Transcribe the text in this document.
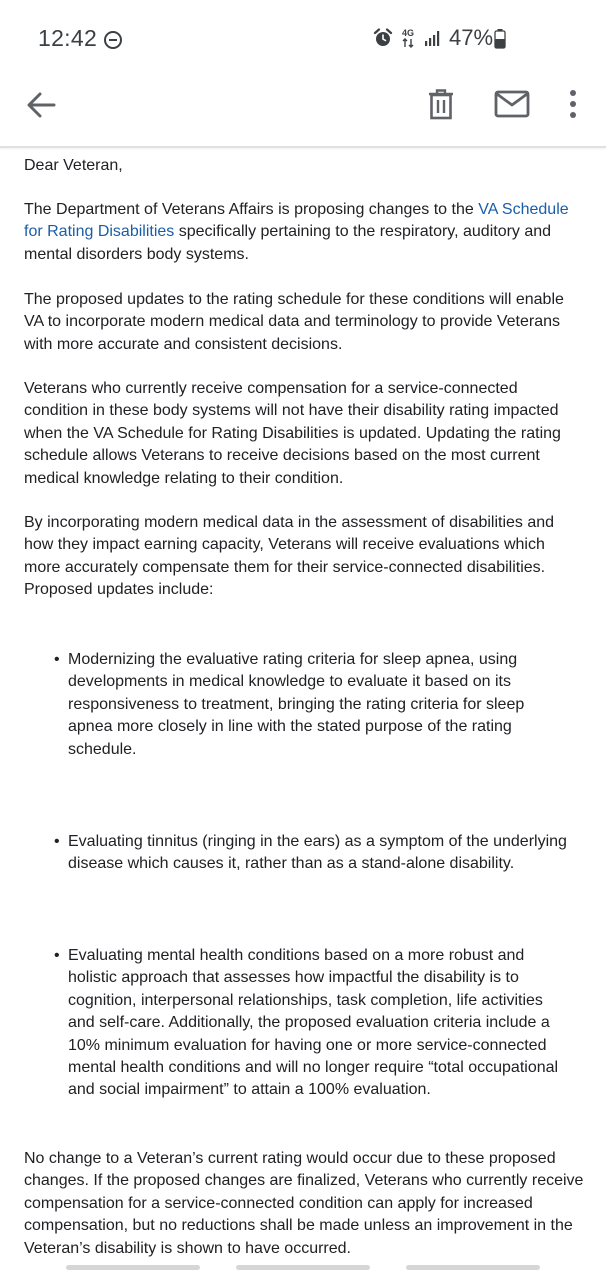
12:42	4G 47%

Dear Veteran,

The Department of Veterans Affairs is proposing changes to the VA Schedule for Rating Disabilities specifically pertaining to the respiratory, auditory and mental disorders body systems.

The proposed updates to the rating schedule for these conditions will enable VA to incorporate modern medical data and terminology to provide Veterans with more accurate and consistent decisions.

Veterans who currently receive compensation for a service-connected condition in these body systems will not have their disability rating impacted when the VA Schedule for Rating Disabilities is updated. Updating the rating schedule allows Veterans to receive decisions based on the most current medical knowledge relating to their condition.

By incorporating modern medical data in the assessment of disabilities and how they impact earning capacity, Veterans will receive evaluations which more accurately compensate them for their service-connected disabilities. Proposed updates include:

• Modernizing the evaluative rating criteria for sleep apnea, using developments in medical knowledge to evaluate it based on its responsiveness to treatment, bringing the rating criteria for sleep apnea more closely in line with the stated purpose of the rating schedule.
• Evaluating tinnitus (ringing in the ears) as a symptom of the underlying disease which causes it, rather than as a stand-alone disability.
• Evaluating mental health conditions based on a more robust and holistic approach that assesses how impactful the disability is to cognition, interpersonal relationships, task completion, life activities and self-care. Additionally, the proposed evaluation criteria include a 10% minimum evaluation for having one or more service-connected mental health conditions and will no longer require “total occupational and social impairment” to attain a 100% evaluation.

No change to a Veteran’s current rating would occur due to these proposed changes. If the proposed changes are finalized, Veterans who currently receive compensation for a service-connected condition can apply for increased compensation, but no reductions shall be made unless an improvement in the Veteran’s disability is shown to have occurred.
